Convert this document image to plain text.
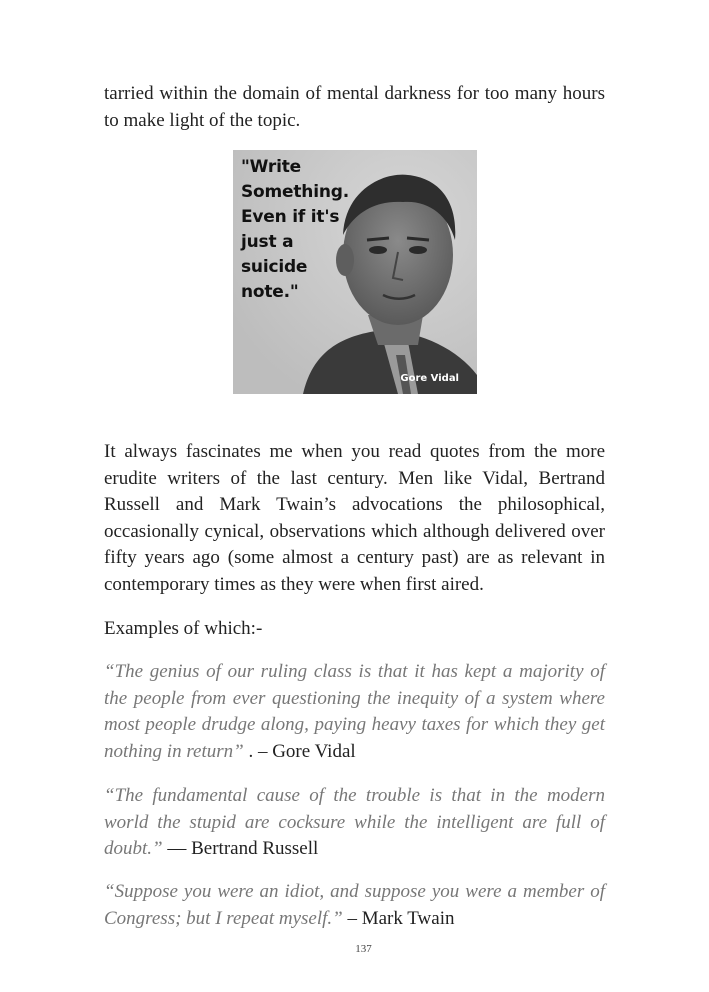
tarried within the domain of mental darkness for too many hours to make light of the topic.

"Write
Something.
Even if it's
just a
suicide
note."
Gore Vidal

It always fascinates me when you read quotes from the more erudite writers of the last century. Men like Vidal, Bertrand Russell and Mark Twain’s advocations the philosophical, occasionally cynical, observations which although delivered over fifty years ago (some almost a century past) are as relevant in contemporary times as they were when first aired.

Examples of which:-

“The genius of our ruling class is that it has kept a majority of the people from ever questioning the inequity of a system where most people drudge along, paying heavy taxes for which they get nothing in return” . – Gore Vidal

“The fundamental cause of the trouble is that in the modern world the stupid are cocksure while the intelligent are full of doubt.” — Bertrand Russell

“Suppose you were an idiot, and suppose you were a member of Congress; but I repeat myself.” – Mark Twain

137
